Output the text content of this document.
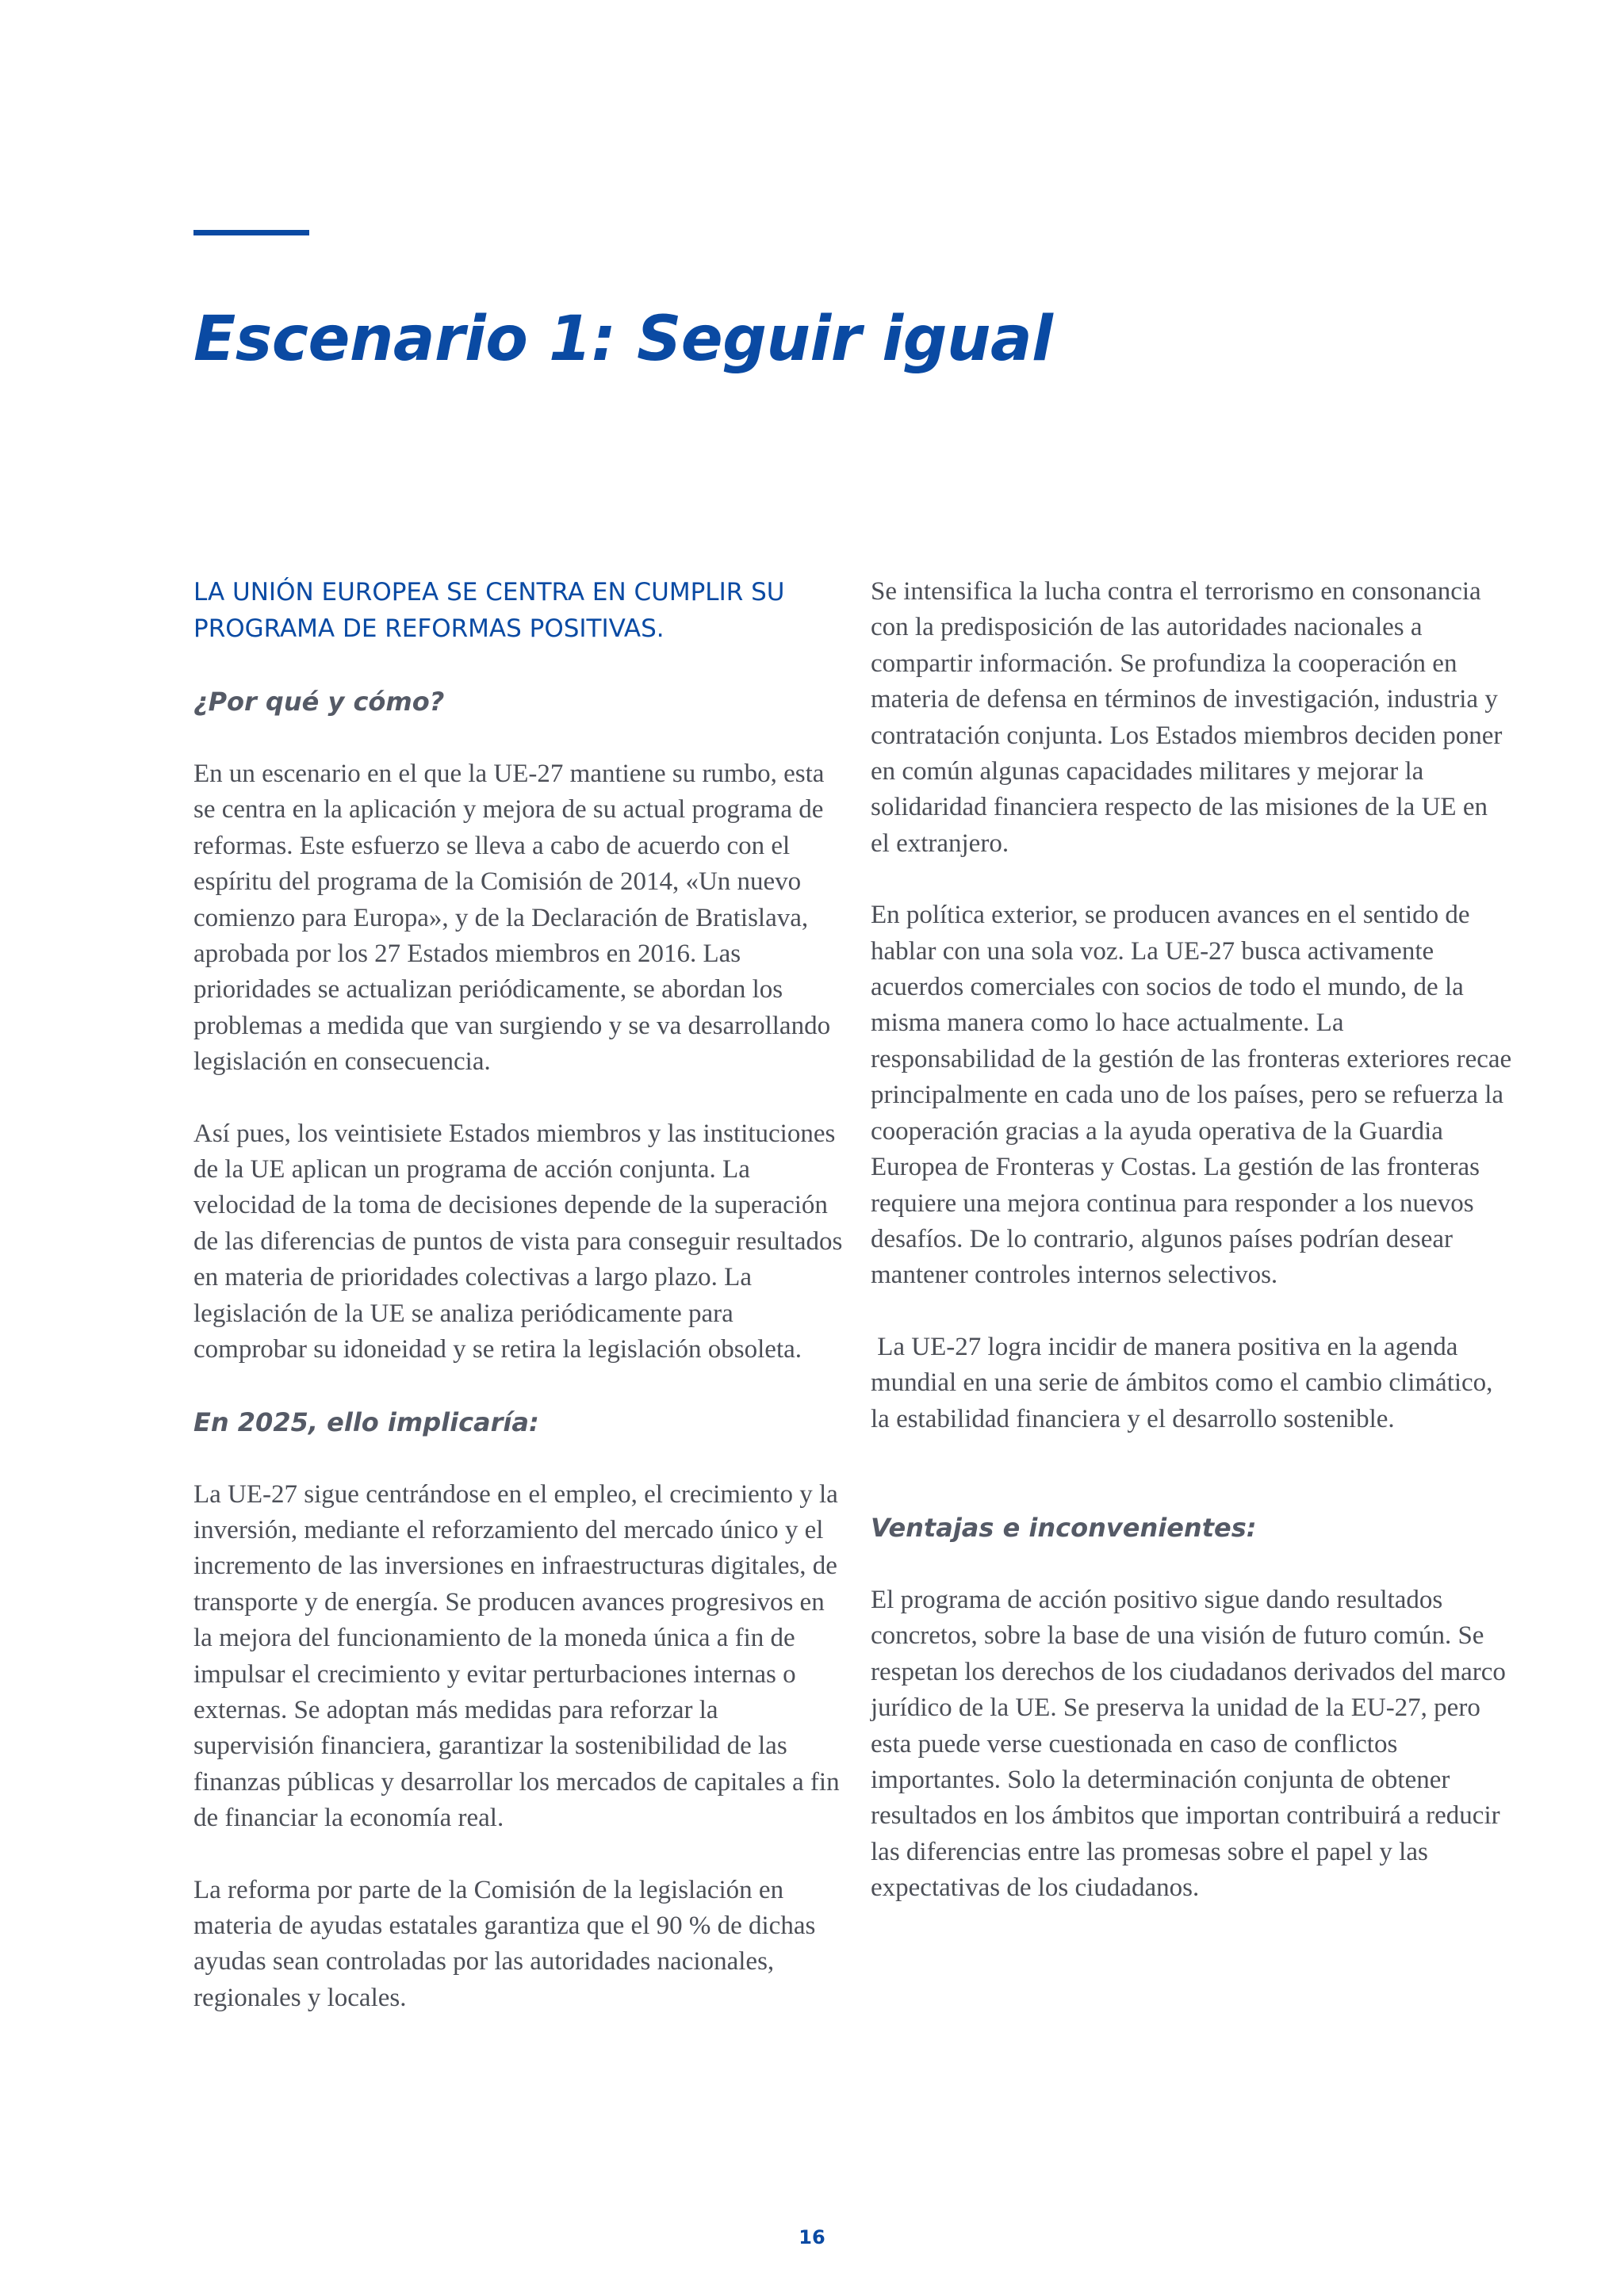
Escenario 1: Seguir igual

LA UNIÓN EUROPEA SE CENTRA EN CUMPLIR SU PROGRAMA DE REFORMAS POSITIVAS.

¿Por qué y cómo?

En un escenario en el que la UE-27 mantiene su rumbo, esta se centra en la aplicación y mejora de su actual programa de reformas. Este esfuerzo se lleva a cabo de acuerdo con el espíritu del programa de la Comisión de 2014, «Un nuevo comienzo para Europa», y de la Declaración de Bratislava, aprobada por los 27 Estados miembros en 2016. Las prioridades se actualizan periódicamente, se abordan los problemas a medida que van surgiendo y se va desarrollando legislación en consecuencia.

Así pues, los veintisiete Estados miembros y las instituciones de la UE aplican un programa de acción conjunta. La velocidad de la toma de decisiones depende de la superación de las diferencias de puntos de vista para conseguir resultados en materia de prioridades colectivas a largo plazo. La legislación de la UE se analiza periódicamente para comprobar su idoneidad y se retira la legislación obsoleta.

En 2025, ello implicaría:

La UE-27 sigue centrándose en el empleo, el crecimiento y la inversión, mediante el reforzamiento del mercado único y el incremento de las inversiones en infraestructuras digitales, de transporte y de energía. Se producen avances progresivos en la mejora del funcionamiento de la moneda única a fin de impulsar el crecimiento y evitar perturbaciones internas o externas. Se adoptan más medidas para reforzar la supervisión financiera, garantizar la sostenibilidad de las finanzas públicas y desarrollar los mercados de capitales a fin de financiar la economía real.

La reforma por parte de la Comisión de la legislación en materia de ayudas estatales garantiza que el 90 % de dichas ayudas sean controladas por las autoridades nacionales, regionales y locales.

Se intensifica la lucha contra el terrorismo en consonancia con la predisposición de las autoridades nacionales a compartir información. Se profundiza la cooperación en materia de defensa en términos de investigación, industria y contratación conjunta. Los Estados miembros deciden poner en común algunas capacidades militares y mejorar la solidaridad financiera respecto de las misiones de la UE en el extranjero.

En política exterior, se producen avances en el sentido de hablar con una sola voz. La UE-27 busca activamente acuerdos comerciales con socios de todo el mundo, de la misma manera como lo hace actualmente. La responsabilidad de la gestión de las fronteras exteriores recae principalmente en cada uno de los países, pero se refuerza la cooperación gracias a la ayuda operativa de la Guardia Europea de Fronteras y Costas. La gestión de las fronteras requiere una mejora continua para responder a los nuevos desafíos. De lo contrario, algunos países podrían desear mantener controles internos selectivos.

La UE-27 logra incidir de manera positiva en la agenda mundial en una serie de ámbitos como el cambio climático, la estabilidad financiera y el desarrollo sostenible.

Ventajas e inconvenientes:

El programa de acción positivo sigue dando resultados concretos, sobre la base de una visión de futuro común. Se respetan los derechos de los ciudadanos derivados del marco jurídico de la UE. Se preserva la unidad de la EU-27, pero esta puede verse cuestionada en caso de conflictos importantes. Solo la determinación conjunta de obtener resultados en los ámbitos que importan contribuirá a reducir las diferencias entre las promesas sobre el papel y las expectativas de los ciudadanos.

16
